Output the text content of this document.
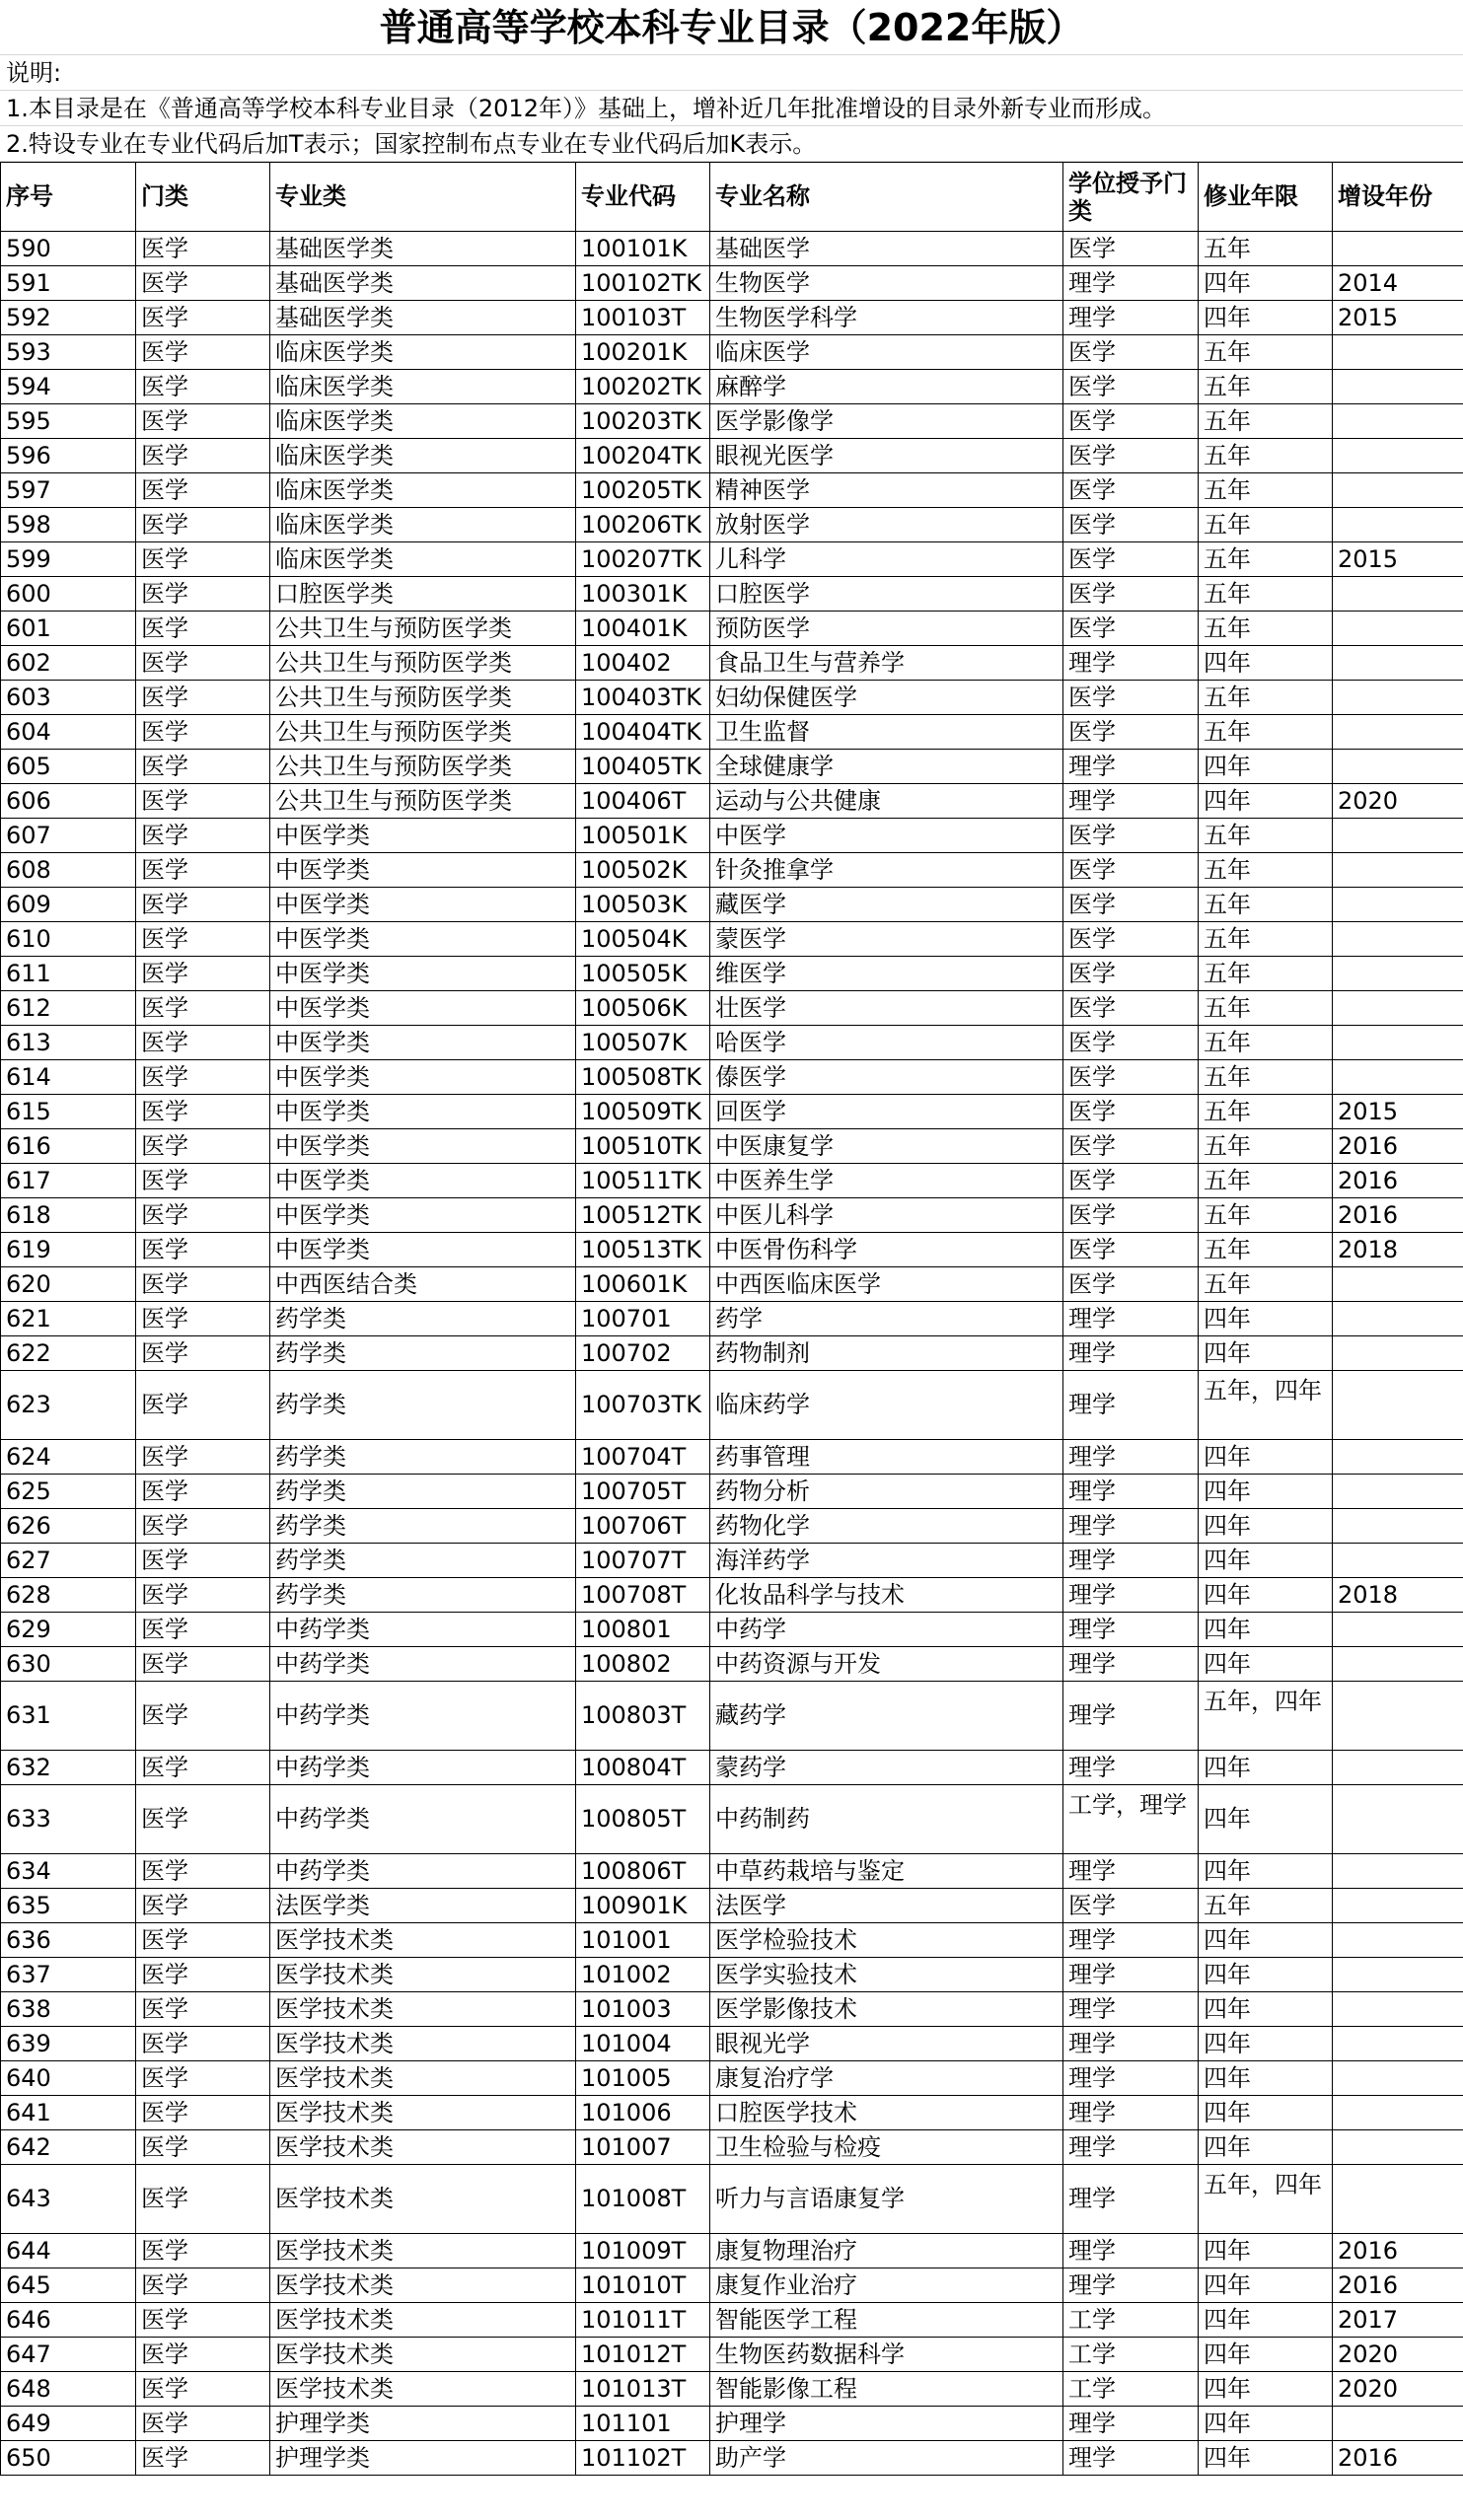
普通高等学校本科专业目录（2022年版）
说明:
1.本目录是在《普通高等学校本科专业目录（2012年）》基础上，增补近几年批准增设的目录外新专业而形成。
2.特设专业在专业代码后加T表示；国家控制布点专业在专业代码后加K表示。
序号	门类	专业类	专业代码	专业名称	学位授予门类	修业年限	增设年份
590	医学	基础医学类	100101K	基础医学	医学	五年	
591	医学	基础医学类	100102TK	生物医学	理学	四年	2014
592	医学	基础医学类	100103T	生物医学科学	理学	四年	2015
593	医学	临床医学类	100201K	临床医学	医学	五年	
594	医学	临床医学类	100202TK	麻醉学	医学	五年	
595	医学	临床医学类	100203TK	医学影像学	医学	五年	
596	医学	临床医学类	100204TK	眼视光医学	医学	五年	
597	医学	临床医学类	100205TK	精神医学	医学	五年	
598	医学	临床医学类	100206TK	放射医学	医学	五年	
599	医学	临床医学类	100207TK	儿科学	医学	五年	2015
600	医学	口腔医学类	100301K	口腔医学	医学	五年	
601	医学	公共卫生与预防医学类	100401K	预防医学	医学	五年	
602	医学	公共卫生与预防医学类	100402	食品卫生与营养学	理学	四年	
603	医学	公共卫生与预防医学类	100403TK	妇幼保健医学	医学	五年	
604	医学	公共卫生与预防医学类	100404TK	卫生监督	医学	五年	
605	医学	公共卫生与预防医学类	100405TK	全球健康学	理学	四年	
606	医学	公共卫生与预防医学类	100406T	运动与公共健康	理学	四年	2020
607	医学	中医学类	100501K	中医学	医学	五年	
608	医学	中医学类	100502K	针灸推拿学	医学	五年	
609	医学	中医学类	100503K	藏医学	医学	五年	
610	医学	中医学类	100504K	蒙医学	医学	五年	
611	医学	中医学类	100505K	维医学	医学	五年	
612	医学	中医学类	100506K	壮医学	医学	五年	
613	医学	中医学类	100507K	哈医学	医学	五年	
614	医学	中医学类	100508TK	傣医学	医学	五年	
615	医学	中医学类	100509TK	回医学	医学	五年	2015
616	医学	中医学类	100510TK	中医康复学	医学	五年	2016
617	医学	中医学类	100511TK	中医养生学	医学	五年	2016
618	医学	中医学类	100512TK	中医儿科学	医学	五年	2016
619	医学	中医学类	100513TK	中医骨伤科学	医学	五年	2018
620	医学	中西医结合类	100601K	中西医临床医学	医学	五年	
621	医学	药学类	100701	药学	理学	四年	
622	医学	药学类	100702	药物制剂	理学	四年	
623	医学	药学类	100703TK	临床药学	理学	五年，四年	
624	医学	药学类	100704T	药事管理	理学	四年	
625	医学	药学类	100705T	药物分析	理学	四年	
626	医学	药学类	100706T	药物化学	理学	四年	
627	医学	药学类	100707T	海洋药学	理学	四年	
628	医学	药学类	100708T	化妆品科学与技术	理学	四年	2018
629	医学	中药学类	100801	中药学	理学	四年	
630	医学	中药学类	100802	中药资源与开发	理学	四年	
631	医学	中药学类	100803T	藏药学	理学	五年，四年	
632	医学	中药学类	100804T	蒙药学	理学	四年	
633	医学	中药学类	100805T	中药制药	工学，理学	四年	
634	医学	中药学类	100806T	中草药栽培与鉴定	理学	四年	
635	医学	法医学类	100901K	法医学	医学	五年	
636	医学	医学技术类	101001	医学检验技术	理学	四年	
637	医学	医学技术类	101002	医学实验技术	理学	四年	
638	医学	医学技术类	101003	医学影像技术	理学	四年	
639	医学	医学技术类	101004	眼视光学	理学	四年	
640	医学	医学技术类	101005	康复治疗学	理学	四年	
641	医学	医学技术类	101006	口腔医学技术	理学	四年	
642	医学	医学技术类	101007	卫生检验与检疫	理学	四年	
643	医学	医学技术类	101008T	听力与言语康复学	理学	五年，四年	
644	医学	医学技术类	101009T	康复物理治疗	理学	四年	2016
645	医学	医学技术类	101010T	康复作业治疗	理学	四年	2016
646	医学	医学技术类	101011T	智能医学工程	工学	四年	2017
647	医学	医学技术类	101012T	生物医药数据科学	工学	四年	2020
648	医学	医学技术类	101013T	智能影像工程	工学	四年	2020
649	医学	护理学类	101101	护理学	理学	四年	
650	医学	护理学类	101102T	助产学	理学	四年	2016
